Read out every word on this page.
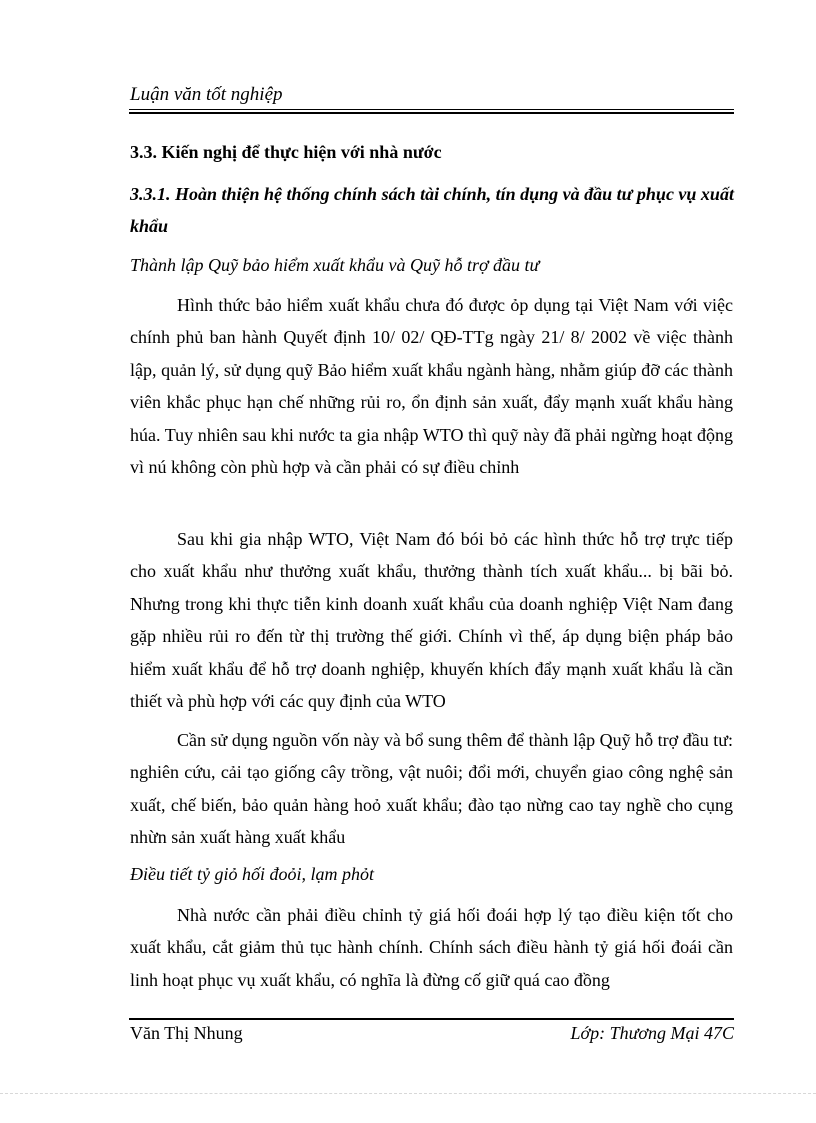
Luận văn tốt nghiệp
3.3. Kiến nghị để thực hiện với nhà nước
3.3.1. Hoàn thiện hệ thống chính sách tài chính, tín dụng và đầu tư phục vụ xuất khẩu
Thành lập Quỹ bảo hiểm xuất khẩu và Quỹ hỗ trợ đầu tư

Hình thức bảo hiểm xuất khẩu chưa đó được ỏp dụng tại Việt Nam với việc chính phủ ban hành Quyết định 10/ 02/ QĐ-TTg ngày 21/ 8/ 2002 về việc thành lập, quản lý, sử dụng quỹ Bảo hiểm xuất khẩu ngành hàng, nhằm giúp đỡ các thành viên khắc phục hạn chế những rủi ro, ổn định sản xuất, đẩy mạnh xuất khẩu hàng húa. Tuy nhiên sau khi nước ta gia nhập WTO thì quỹ này đã phải ngừng hoạt động vì nú không còn phù hợp và cần phải có sự điều chỉnh

Sau khi gia nhập WTO, Việt Nam đó bói bỏ các hình thức hỗ trợ trực tiếp cho xuất khẩu như thưởng xuất khẩu, thưởng thành tích xuất khẩu... bị bãi bỏ. Nhưng trong khi thực tiễn kinh doanh xuất khẩu của doanh nghiệp Việt Nam đang gặp nhiều rủi ro đến từ thị trường thế giới. Chính vì thế, áp dụng biện pháp bảo hiểm xuất khẩu để hỗ trợ doanh nghiệp, khuyến khích đẩy mạnh xuất khẩu là cần thiết và phù hợp với các quy định của WTO

Cần sử dụng nguồn vốn này và bổ sung thêm để thành lập Quỹ hỗ trợ đầu tư: nghiên cứu, cải tạo giống cây trồng, vật nuôi; đổi mới, chuyển giao công nghệ sản xuất, chế biến, bảo quản hàng hoỏ xuất khẩu; đào tạo nừng cao tay nghề cho cụng nhừn sản xuất hàng xuất khẩu

Điều tiết tỷ giỏ hối đoỏi, lạm phỏt

Nhà nước cần phải điều chỉnh tỷ giá hối đoái hợp lý tạo điều kiện tốt cho xuất khẩu, cắt giảm thủ tục hành chính. Chính sách điều hành tỷ giá hối đoái cần linh hoạt phục vụ xuất khẩu, có nghĩa là đừng cố giữ quá cao đồng

Văn Thị Nhung	Lớp: Thương Mại 47C
